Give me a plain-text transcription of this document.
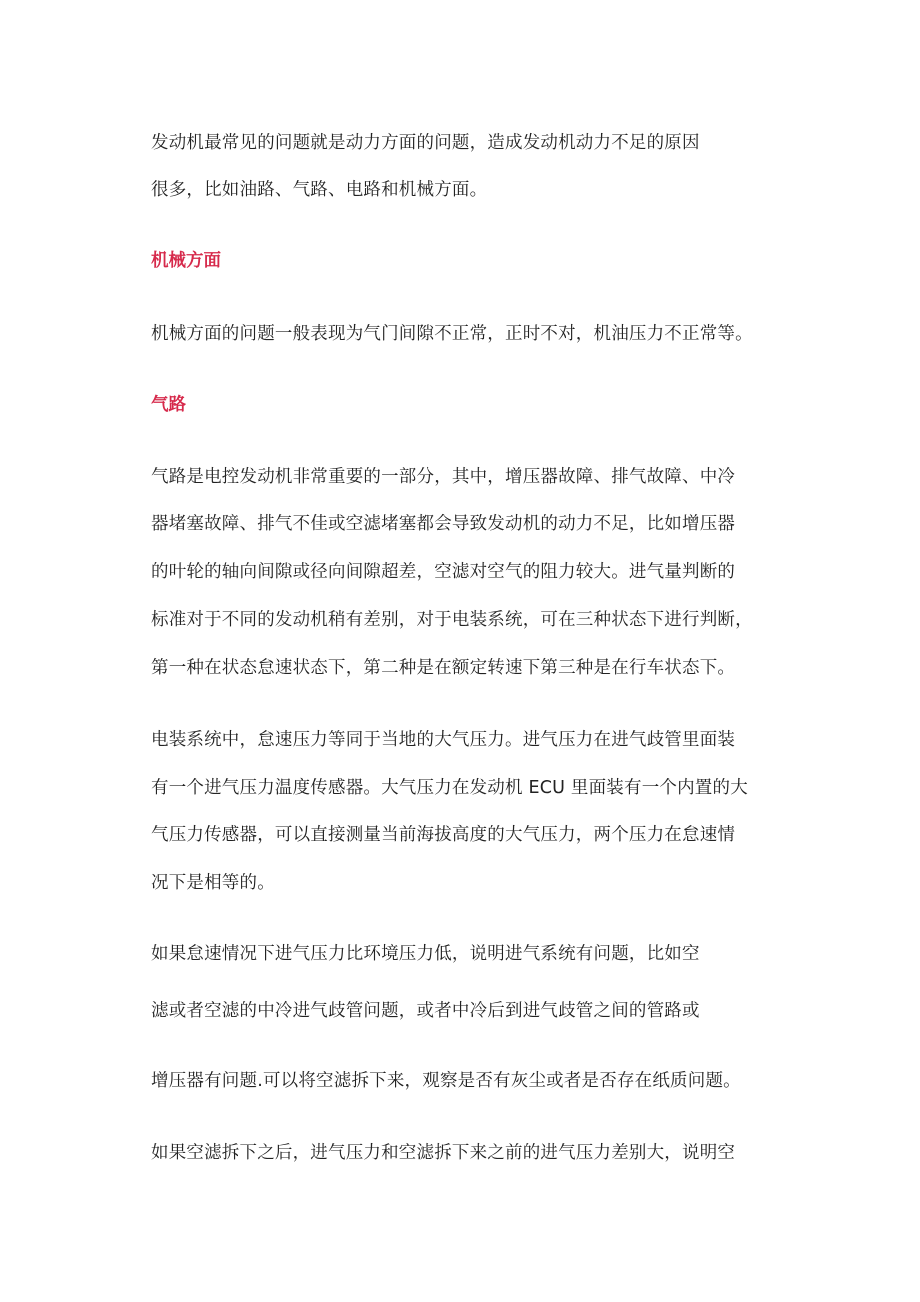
发动机最常见的问题就是动力方面的问题，造成发动机动力不足的原因
很多，比如油路、气路、电路和机械方面。
机械方面
机械方面的问题一般表现为气门间隙不正常，正时不对，机油压力不正常等。
气路
气路是电控发动机非常重要的一部分，其中，增压器故障、排气故障、中冷
器堵塞故障、排气不佳或空滤堵塞都会导致发动机的动力不足，比如增压器
的叶轮的轴向间隙或径向间隙超差，空滤对空气的阻力较大。进气量判断的
标准对于不同的发动机稍有差别，对于电装系统，可在三种状态下进行判断，
第一种在状态怠速状态下，第二种是在额定转速下第三种是在行车状态下。
电装系统中，怠速压力等同于当地的大气压力。进气压力在进气歧管里面装
有一个进气压力温度传感器。大气压力在发动机 ECU 里面装有一个内置的大
气压力传感器，可以直接测量当前海拔高度的大气压力，两个压力在怠速情
况下是相等的。
如果怠速情况下进气压力比环境压力低，说明进气系统有问题，比如空
滤或者空滤的中冷进气歧管问题，或者中冷后到进气歧管之间的管路或
增压器有问题.可以将空滤拆下来，观察是否有灰尘或者是否存在纸质问题。
如果空滤拆下之后，进气压力和空滤拆下来之前的进气压力差别大，说明空
